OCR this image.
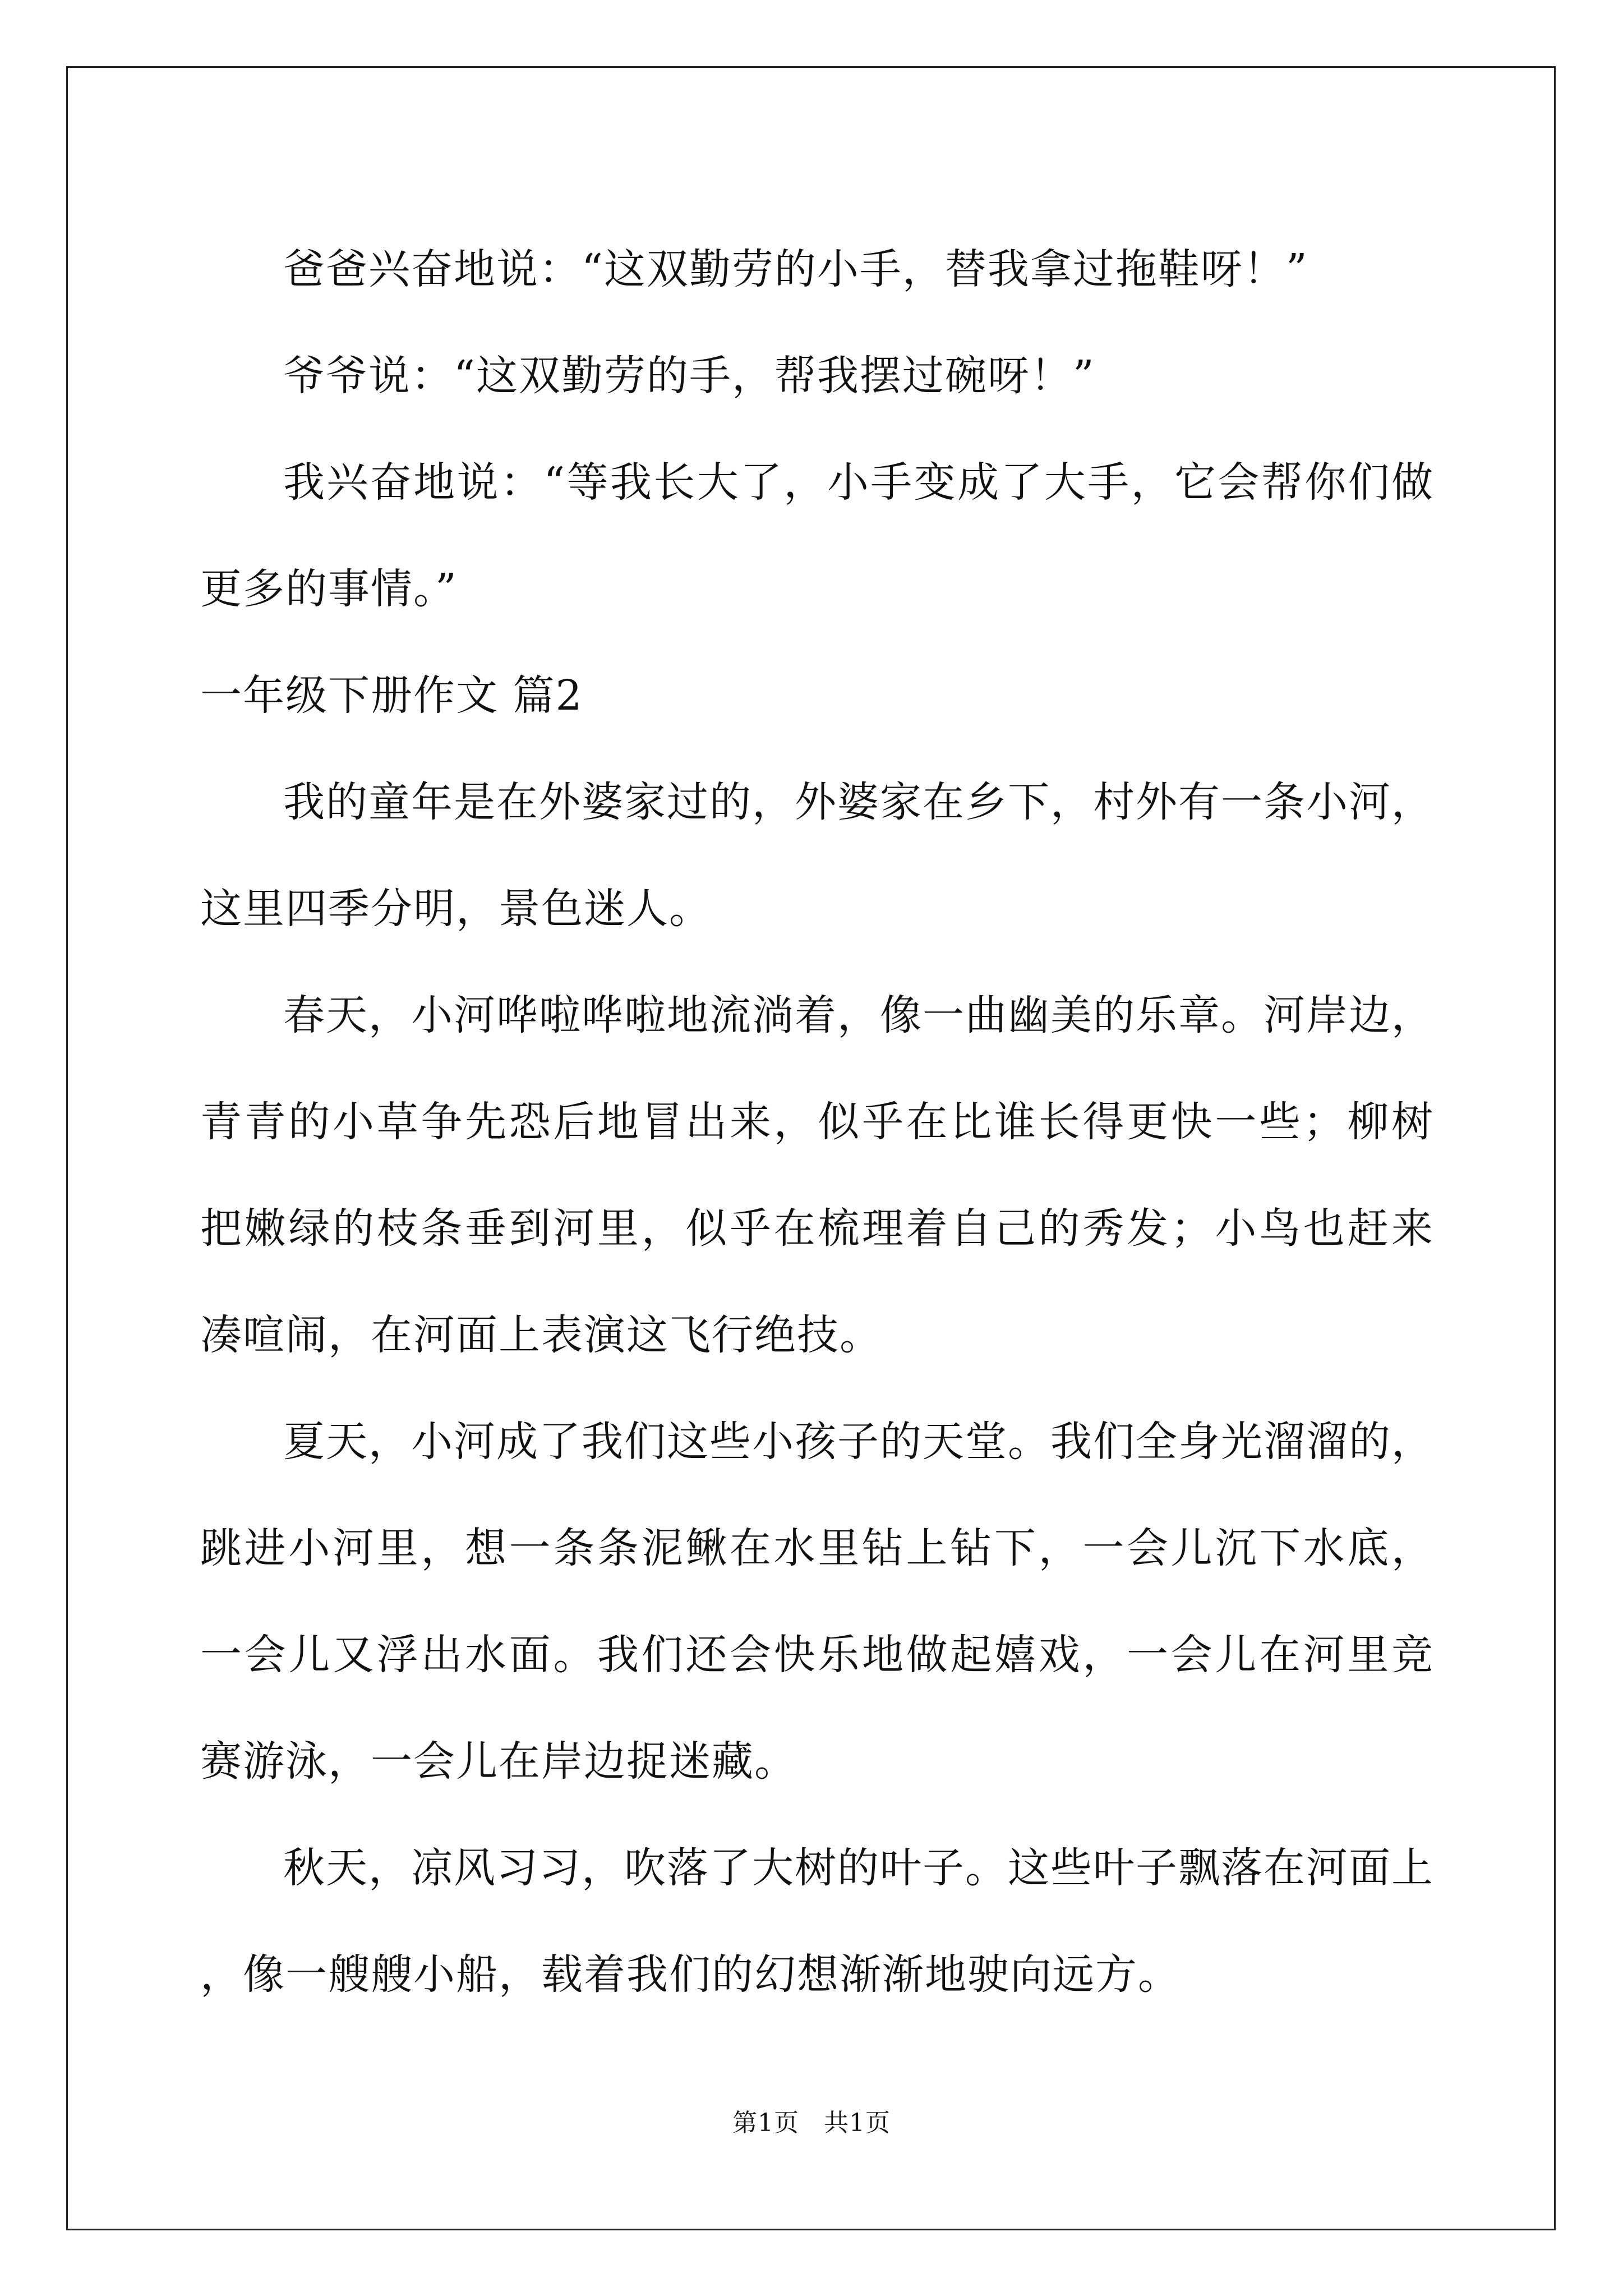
爸爸兴奋地说：“这双勤劳的小手，替我拿过拖鞋呀！”

爷爷说：“这双勤劳的手，帮我摆过碗呀！”

我兴奋地说：“等我长大了，小手变成了大手，它会帮你们做更多的事情。”

一年级下册作文 篇2

我的童年是在外婆家过的，外婆家在乡下，村外有一条小河，这里四季分明，景色迷人。

春天，小河哗啦哗啦地流淌着，像一曲幽美的乐章。河岸边，青青的小草争先恐后地冒出来，似乎在比谁长得更快一些；柳树把嫩绿的枝条垂到河里，似乎在梳理着自己的秀发；小鸟也赶来凑喧闹，在河面上表演这飞行绝技。

夏天，小河成了我们这些小孩子的天堂。我们全身光溜溜的，跳进小河里，想一条条泥鳅在水里钻上钻下，一会儿沉下水底，一会儿又浮出水面。我们还会快乐地做起嬉戏，一会儿在河里竞赛游泳，一会儿在岸边捉迷藏。

秋天，凉风习习，吹落了大树的叶子。这些叶子飘落在河面上，像一艘艘小船，载着我们的幻想渐渐地驶向远方。

第1页 共1页
